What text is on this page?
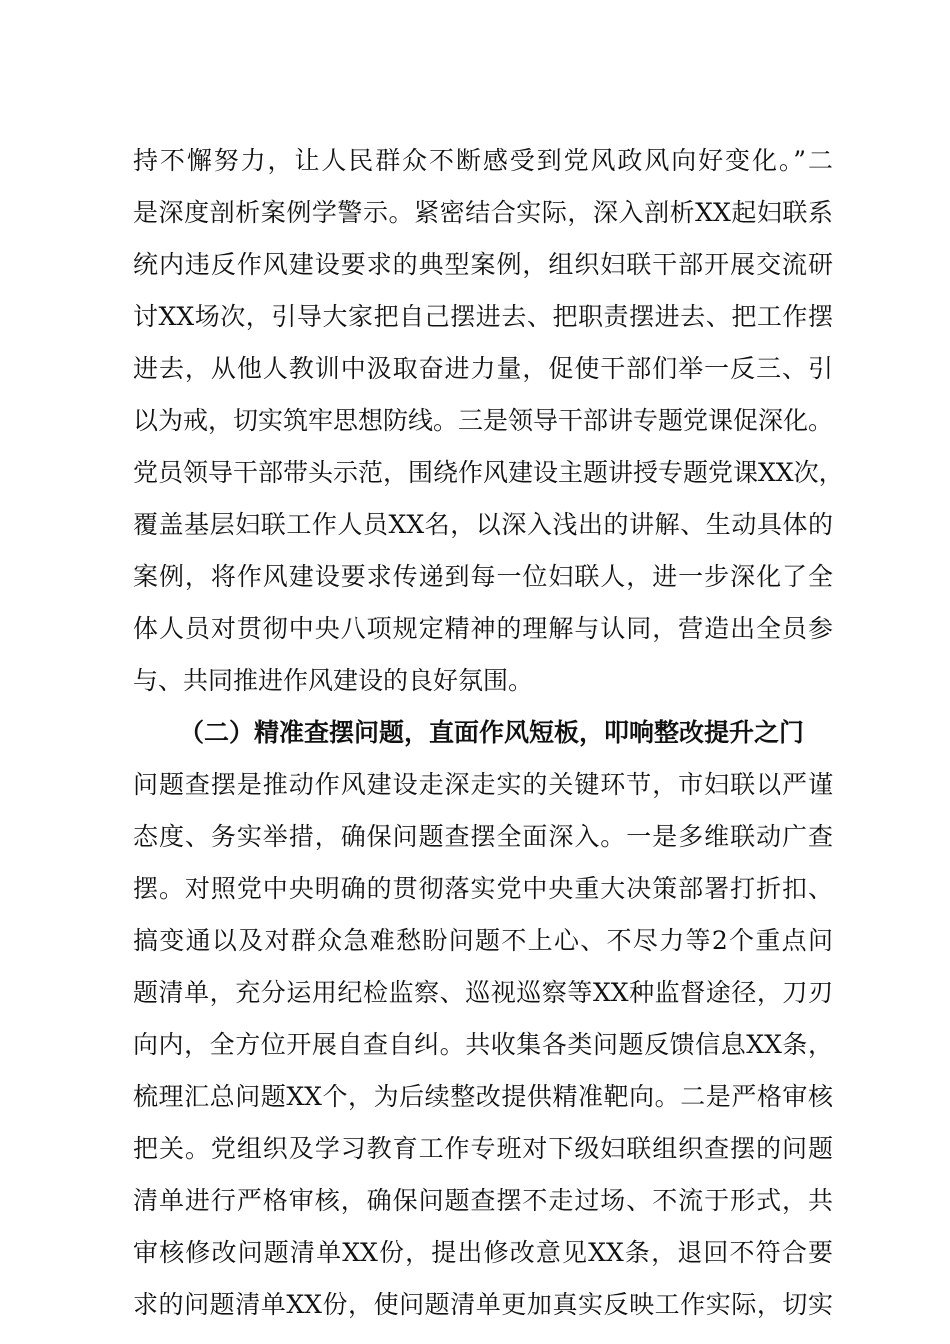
持不懈努力，让人民群众不断感受到党风政风向好变化。”二
是深度剖析案例学警示。紧密结合实际，深入剖析XX起妇联系
统内违反作风建设要求的典型案例，组织妇联干部开展交流研
讨XX场次，引导大家把自己摆进去、把职责摆进去、把工作摆
进去，从他人教训中汲取奋进力量，促使干部们举一反三、引
以为戒，切实筑牢思想防线。三是领导干部讲专题党课促深化。
党员领导干部带头示范，围绕作风建设主题讲授专题党课XX次，
覆盖基层妇联工作人员XX名，以深入浅出的讲解、生动具体的
案例，将作风建设要求传递到每一位妇联人，进一步深化了全
体人员对贯彻中央八项规定精神的理解与认同，营造出全员参
与、共同推进作风建设的良好氛围。
（二）精准查摆问题，直面作风短板，叩响整改提升之门
问题查摆是推动作风建设走深走实的关键环节，市妇联以严谨
态度、务实举措，确保问题查摆全面深入。一是多维联动广查
摆。对照党中央明确的贯彻落实党中央重大决策部署打折扣、
搞变通以及对群众急难愁盼问题不上心、不尽力等2个重点问
题清单，充分运用纪检监察、巡视巡察等XX种监督途径，刀刃
向内，全方位开展自查自纠。共收集各类问题反馈信息XX条，
梳理汇总问题XX个，为后续整改提供精准靶向。二是严格审核
把关。党组织及学习教育工作专班对下级妇联组织查摆的问题
清单进行严格审核，确保问题查摆不走过场、不流于形式，共
审核修改问题清单XX份，提出修改意见XX条，退回不符合要
求的问题清单XX份，使问题清单更加真实反映工作实际，切实
